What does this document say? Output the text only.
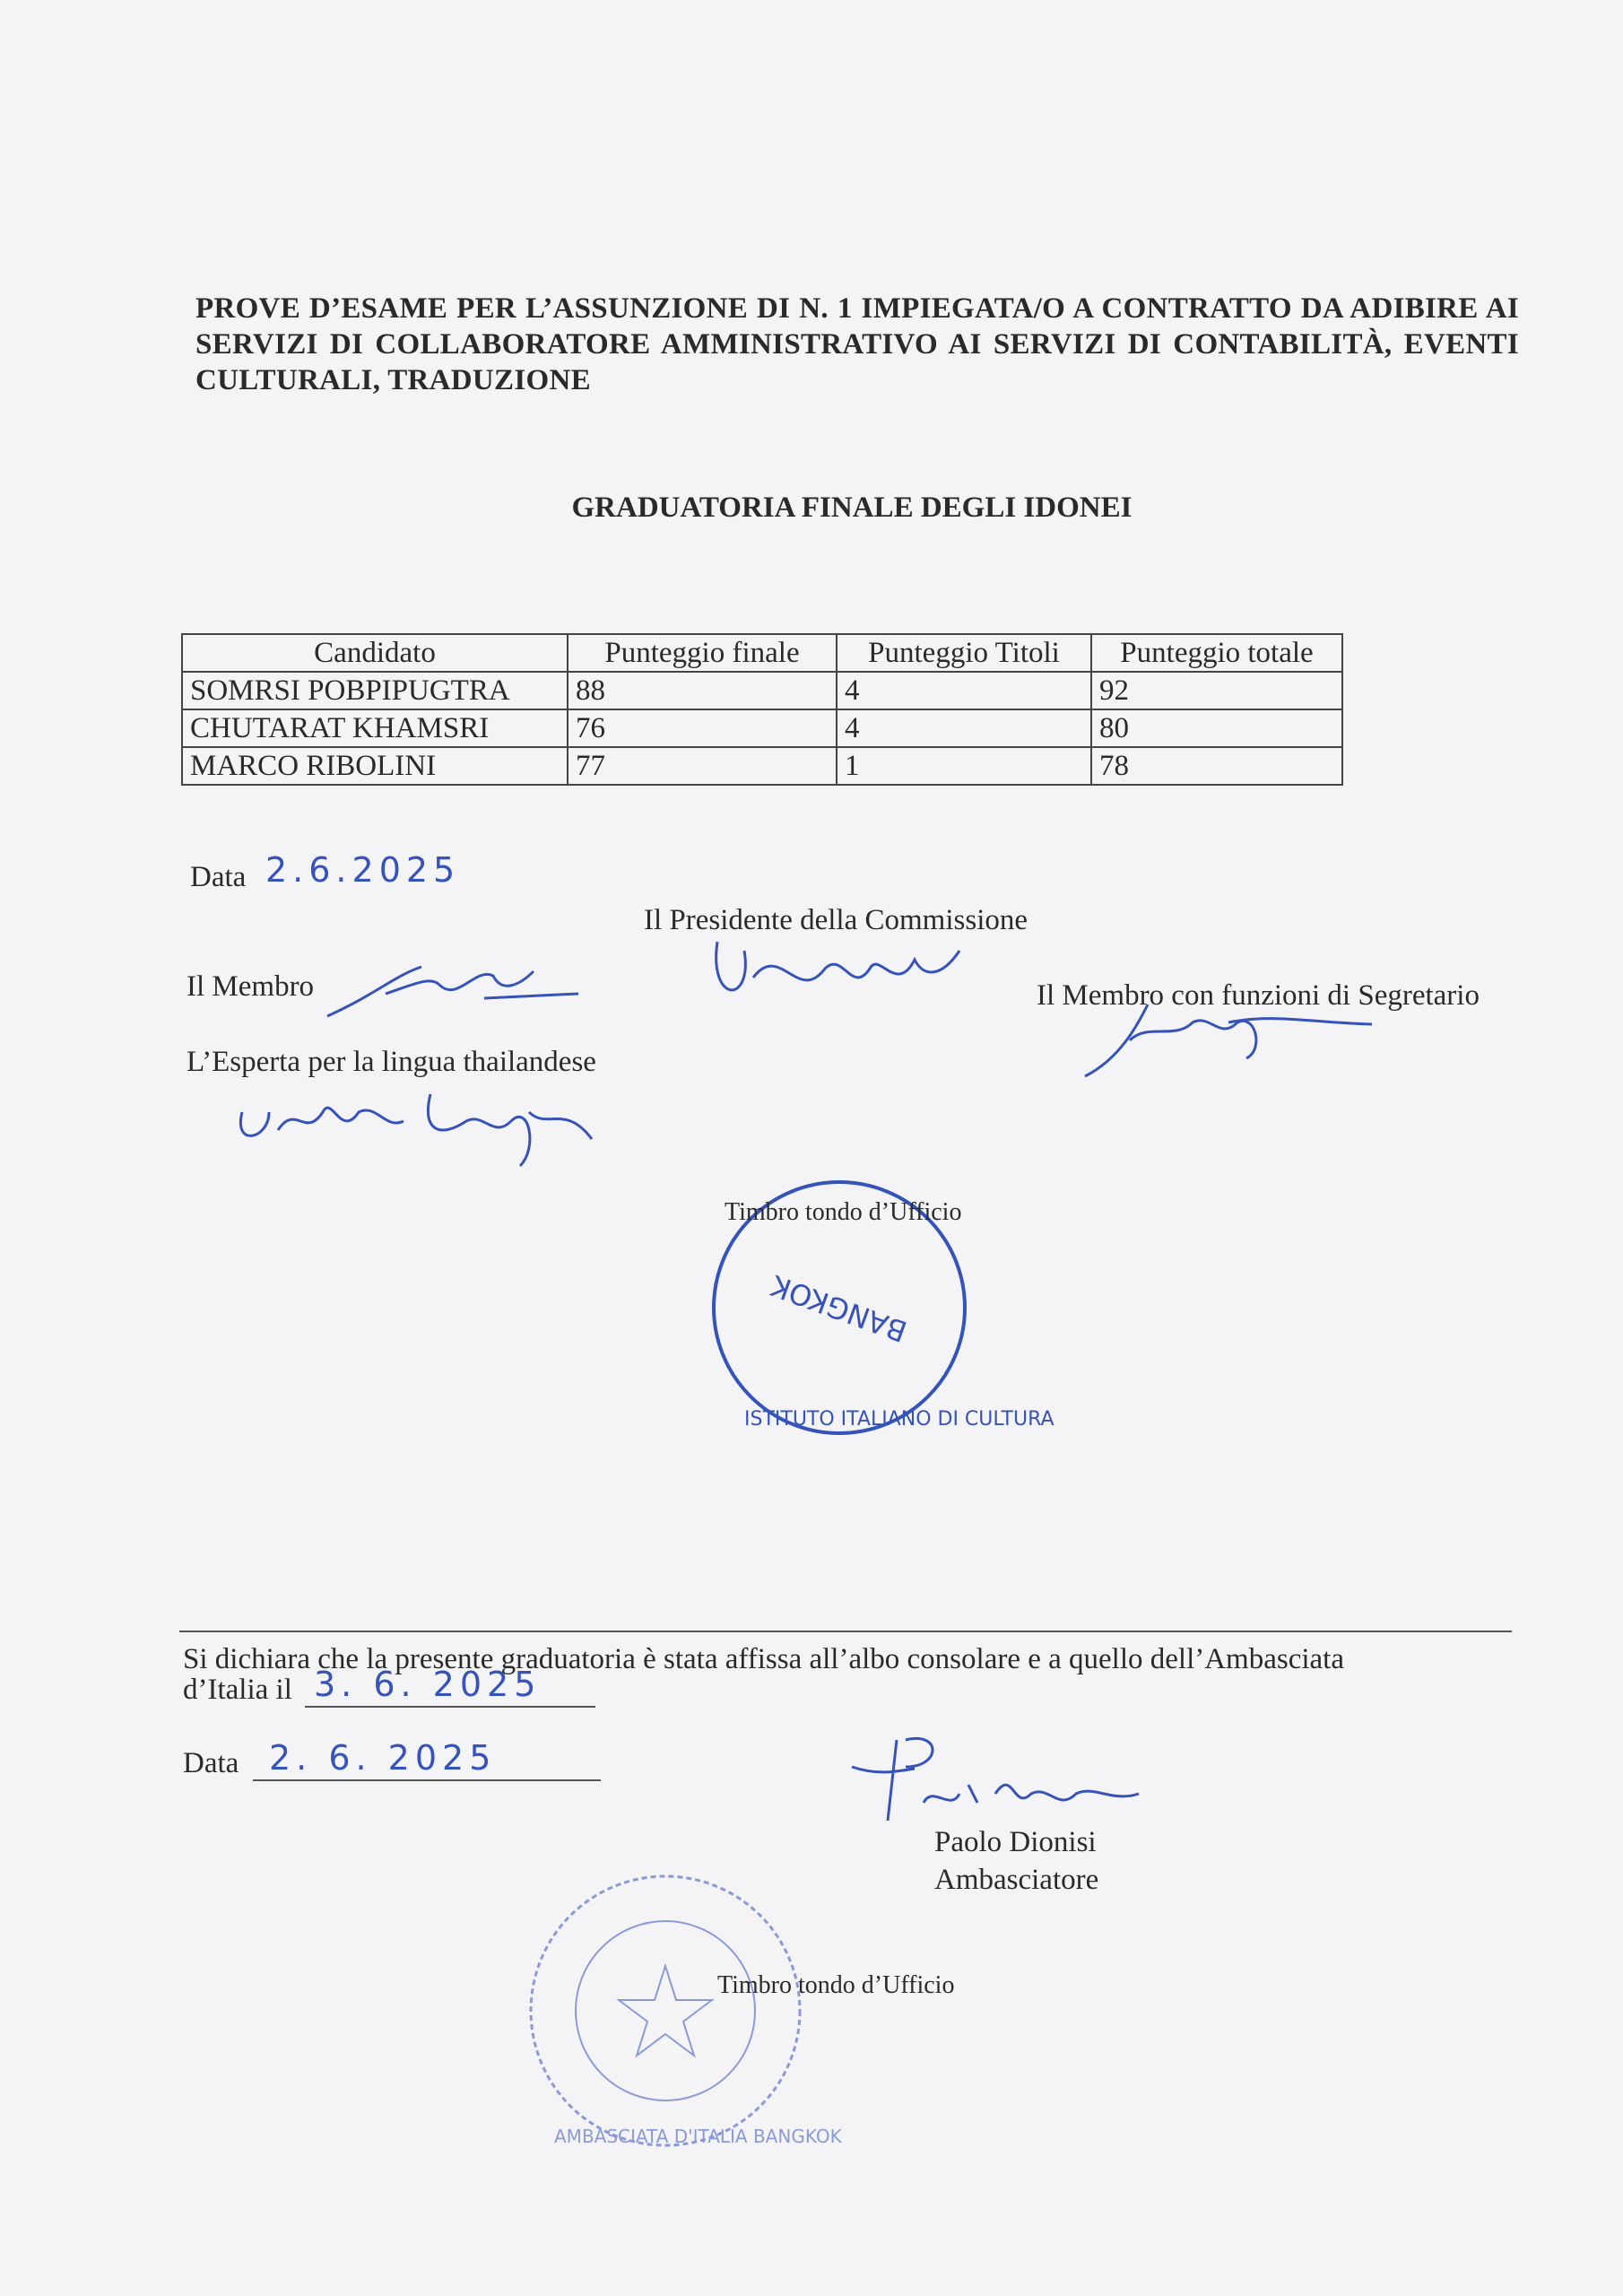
PROVE D’ESAME PER L’ASSUNZIONE DI N. 1 IMPIEGATA/O A CONTRATTO DA ADIBIRE AI SERVIZI DI COLLABORATORE AMMINISTRATIVO AI SERVIZI DI CONTABILITÀ, EVENTI CULTURALI, TRADUZIONE
GRADUATORIA FINALE DEGLI IDONEI
Candidato	Punteggio finale	Punteggio Titoli	Punteggio totale
SOMRSI POBPIPUGTRA	88	4	92
CHUTARAT KHAMSRI	76	4	80
MARCO RIBOLINI	77	1	78
Data 2.6.2025
Il Presidente della Commissione
Il Membro	Il Membro con funzioni di Segretario
L’Esperta per la lingua thailandese
BANGKOK
Timbro tondo d’Ufficio
ISTITUTO ITALIANO DI CULTURA
Si dichiara che la presente graduatoria è stata affissa all’albo consolare e a quello dell’Ambasciata
d’Italia il 3. 6. 2025
Data 2. 6. 2025
Paolo Dionisi
Ambasciatore
Timbro tondo d’Ufficio
AMBASCIATA D'ITALIA BANGKOK
